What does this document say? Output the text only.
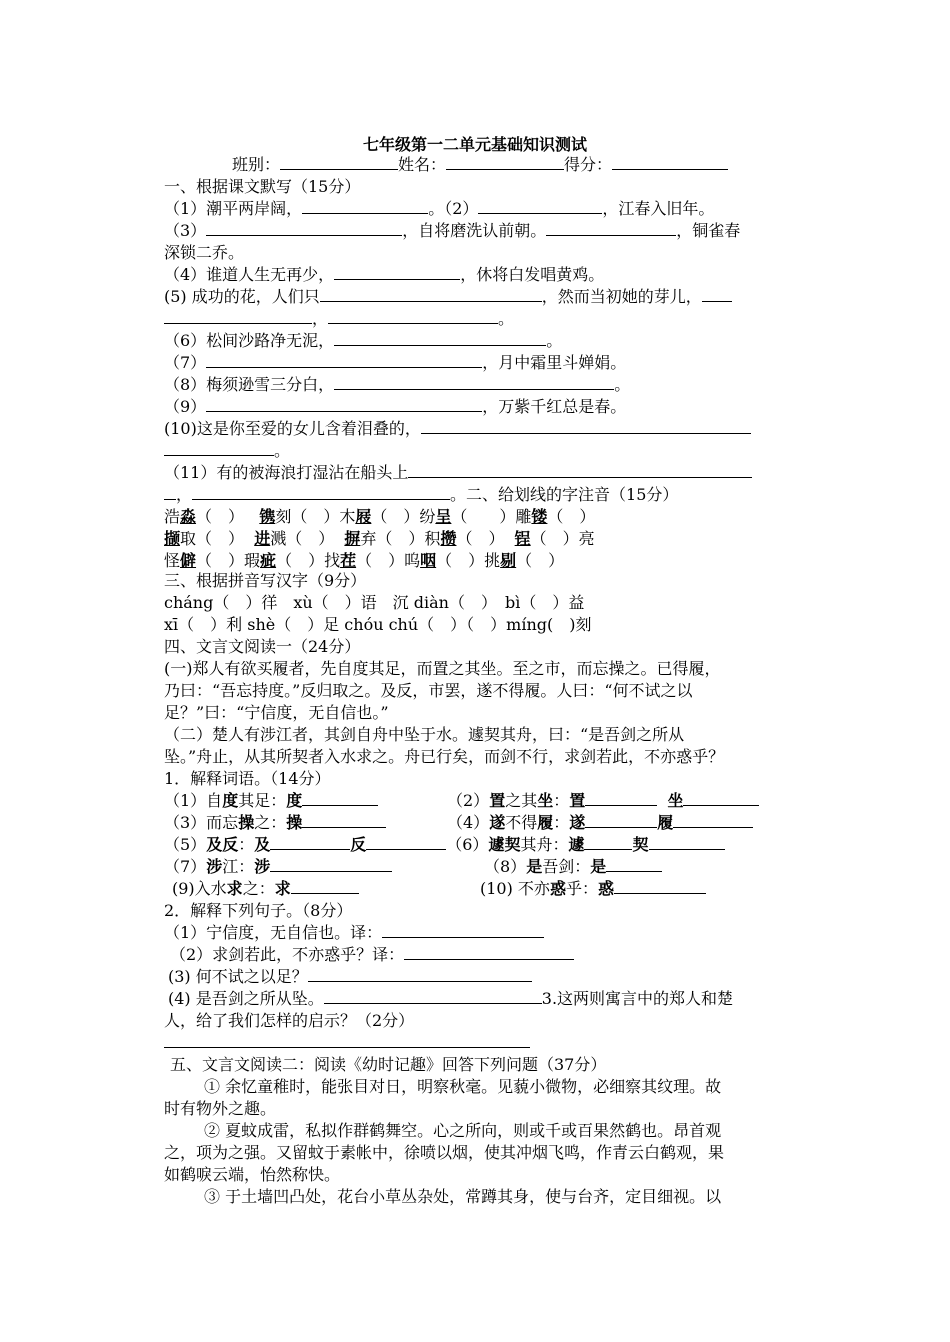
七年级第一二单元基础知识测试
班别：	姓名：	得分：
一、根据课文默写（15分）
（1）潮平两岸阔，	。（2）	，江春入旧年。
（3）	，自将磨洗认前朝。	，铜雀春
深锁二乔。
（4）谁道人生无再少，	，休将白发唱黄鸡。
(5) 成功的花，人们只	，然而当初她的芽儿，
，	。
（6）松间沙路净无泥，	。
（7）	，月中霜里斗婵娟。
（8）梅须逊雪三分白，	。
（9）	，万紫千红总是春。
(10)这是你至爱的女儿含着泪叠的，
。
（11）有的被海浪打湿沾在船头上
，	。二、给划线的字注音（15分）
浩淼（　） 镌刻（　）木屐（　）纷呈（　　）雕镂（　）
撷取（　） 进溅（　） 摒弃（　）积攒（　） 锃（　）亮
怪僻（　）瑕疵（　）找茬（　）呜咽（　）挑剔（　）
三、根据拼音写汉字（9分）
cháng（　）徉　xù（　）语　沉 diàn（　）　bì（　）益
xī（　）利 shè（　）足 chóu chú（　）（　）míng(　)刻
四、文言文阅读一（24分）
(一)郑人有欲买履者，先自度其足，而置之其坐。至之市，而忘操之。已得履，
乃曰：“吾忘持度。”反归取之。及反，市罢，遂不得履。人曰：“何不试之以
足？”曰：“宁信度，无自信也。”
（二）楚人有涉江者，其剑自舟中坠于水。遽契其舟，曰：“是吾剑之所从
坠。”舟止，从其所契者入水求之。舟已行矣，而剑不行，求剑若此，不亦惑乎？
1．解释词语。（14分）
（1）自度其足：度	（2）置之其坐：置	坐
（3）而忘操之：操	（4）遂不得履：遂	履
（5）及反：及	反	（6）遽契其舟：遽	契
（7）涉江：涉	（8）是吾剑：是
(9)入水求之：求	(10) 不亦惑乎：惑
2．解释下列句子。（8分）
（1）宁信度，无自信也。译：
（2）求剑若此，不亦惑乎？译：
(3) 何不试之以足？
(4) 是吾剑之所从坠。	3.这两则寓言中的郑人和楚
人，给了我们怎样的启示？（2分）
五、文言文阅读二：阅读《幼时记趣》回答下列问题（37分）
① 余忆童稚时，能张目对日，明察秋毫。见藐小微物，必细察其纹理。故
时有物外之趣。
② 夏蚊成雷，私拟作群鹤舞空。心之所向，则或千或百果然鹤也。昂首观
之，项为之强。又留蚊于素帐中，徐喷以烟，使其冲烟飞鸣，作青云白鹤观，果
如鹤唳云端，怡然称快。
③ 于土墙凹凸处，花台小草丛杂处，常蹲其身，使与台齐，定目细视。以
